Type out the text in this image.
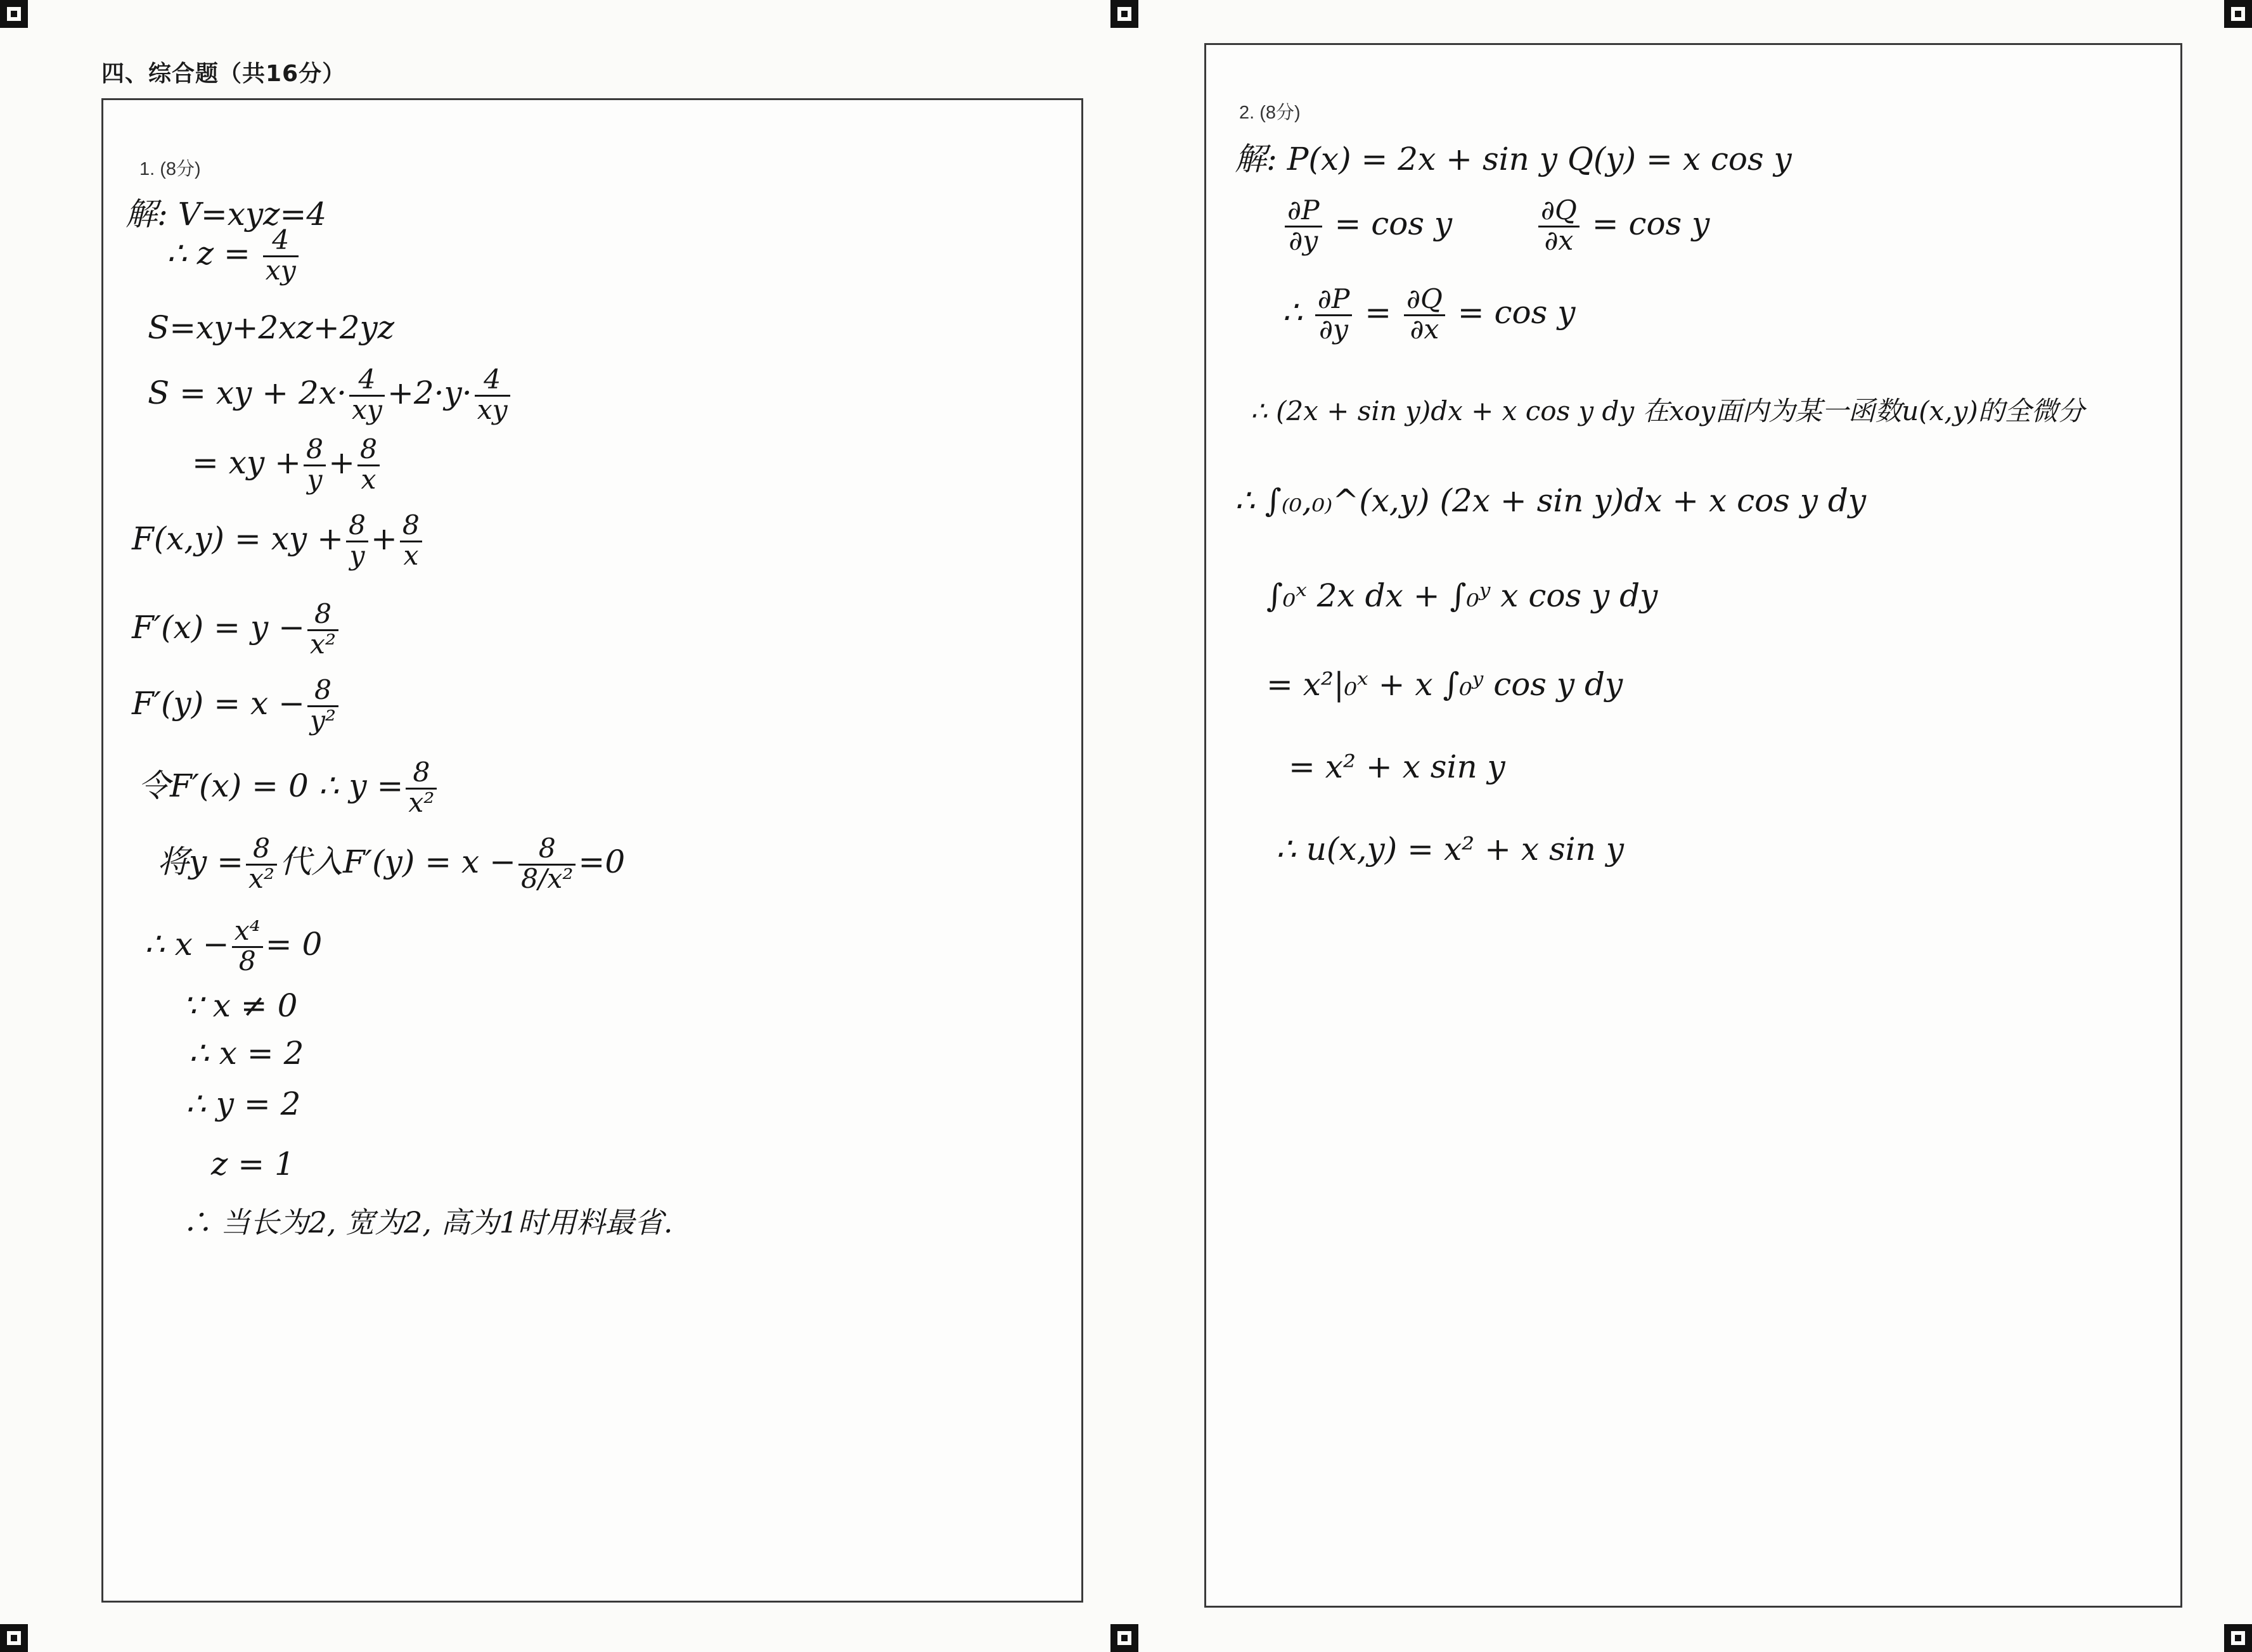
四、综合题（共16分）
1. (8分)
解: V=xyz=4
∴ $z = \frac{4}{xy}$
S=xy+2xz+2yz
S = xy + $2x\cdot \frac{4}{xy} +2\cdot y\cdot \frac{4}{xy}$
= xy + $\frac{8}{y} + \frac{8}{x}$
F(x,y) = xy + $\frac{8}{y} + \frac{8}{x}$
$F'(x) = y - \frac{8}{\text{x²}}$
$F'(y) = x - \frac{8}{\text{y²}}$
令F′(x) = 0 ∴ $y = \frac{8}{\text{x²}}$
将$y = \frac{8}{\text{x²}}$ 代入$F'(y) = x - \frac{8}{\text{8/x²}} =0$
∴ $x - \frac{\text{x⁴}}{8} = 0$
∵ x ≠ 0
∴ x = 2
∴ y = 2
z = 1
∴ 当长为2, 宽为2, 高为1时用料最省.
2. (8分)
解: P(x) = 2x + sin y Q(y) = x cos y
$\frac{\partial P}{\partial y} = \cos y$	$\frac{\partial Q}{\partial x} = \cos y$
∴ $\frac{\partial P}{\partial y} = \frac{\partial Q}{\partial x} = \cos y$
∴ (2x + sin y)dx + x cos y dy 在xoy面内为某一函数u(x,y)的全微分
∴ ∫₍₀,₀₎^(x,y) (2x + sin y)dx + x cos y dy
∫₀ˣ 2x dx + ∫₀ʸ x cos y dy
= x²|₀ˣ + x ∫₀ʸ cos y dy
= x² + x sin y
∴ u(x,y) = x² + x sin y
